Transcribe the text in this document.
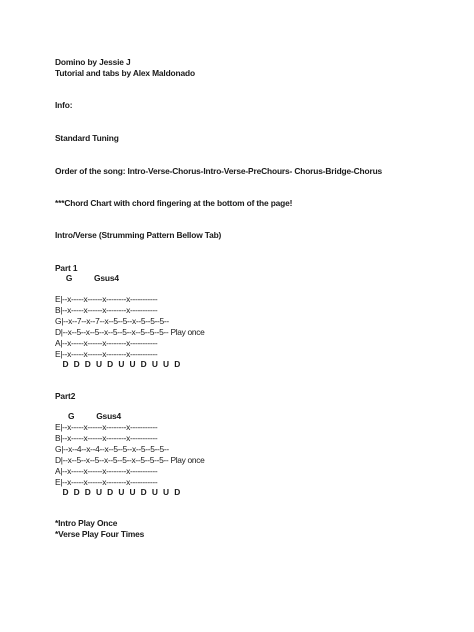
Domino by Jessie J

Tutorial and tabs by Alex Maldonado

Info:

Standard Tuning

Order of the song: Intro-Verse-Chorus-Intro-Verse-PreChours- Chorus-Bridge-Chorus

***Chord Chart with chord fingering at the bottom of the page!

Intro/Verse (Strumming Pattern Bellow Tab)

Part 1

G          Gsus4

E|--x-----x------x--------x-----------

B|--x-----x------x--------x-----------

G|--x--7--x--7--x--5--5--x--5--5--5--

D|--x--5--x--5--x--5--5--x--5--5--5-- Play once

A|--x-----x------x--------x-----------

E|--x-----x------x--------x-----------

D D D U D U U D U U D

Part2

G          Gsus4

E|--x-----x------x--------x-----------

B|--x-----x------x--------x-----------

G|--x--4--x--4--x--5--5--x--5--5--5--

D|--x--5--x--5--x--5--5--x--5--5--5-- Play once

A|--x-----x------x--------x-----------

E|--x-----x------x--------x-----------

D D D U D U U D U U D

*Intro Play Once

*Verse Play Four Times
